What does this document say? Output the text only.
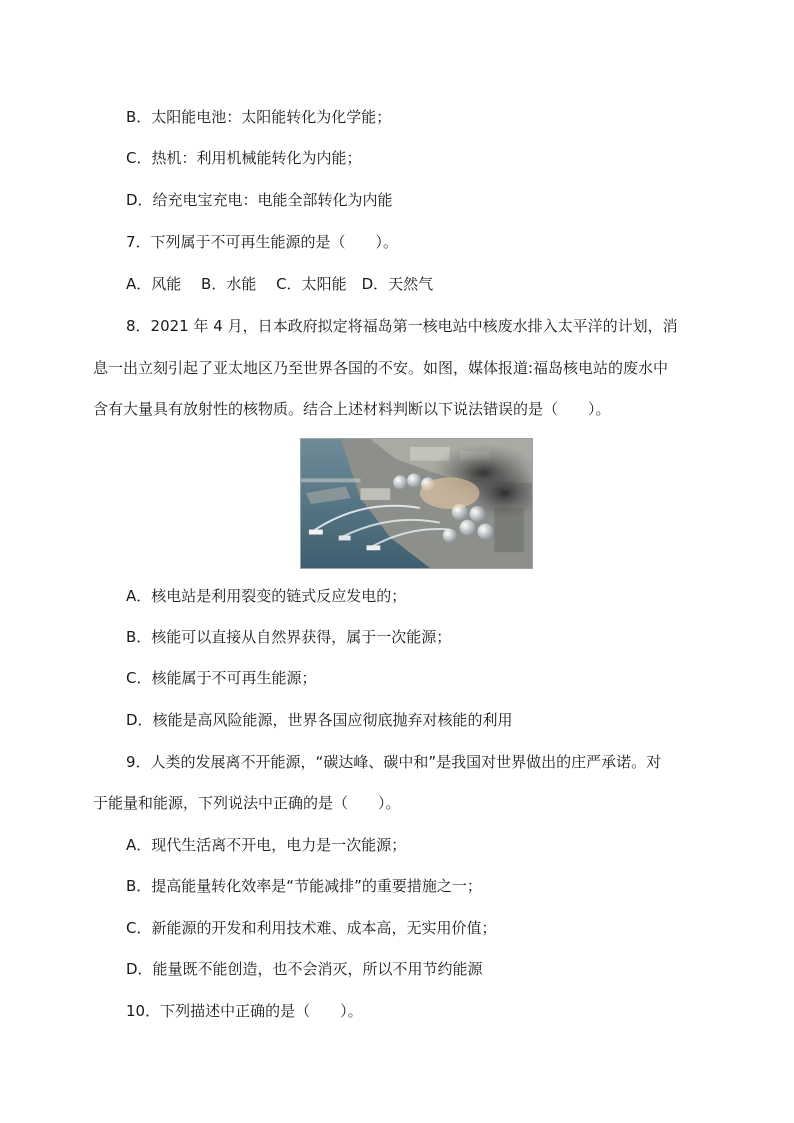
B．太阳能电池：太阳能转化为化学能；
C．热机：利用机械能转化为内能；
D．给充电宝充电：电能全部转化为内能
7．下列属于不可再生能源的是（　　）。
A．风能　 B．水能　 C．太阳能　D．天然气
8．2021 年 4 月，日本政府拟定将福岛第一核电站中核废水排入太平洋的计划，消
息一出立刻引起了亚太地区乃至世界各国的不安。如图，媒体报道:福岛核电站的废水中
含有大量具有放射性的核物质。结合上述材料判断以下说法错误的是（　　）。
A．核电站是利用裂变的链式反应发电的；
B．核能可以直接从自然界获得，属于一次能源；
C．核能属于不可再生能源；
D．核能是高风险能源，世界各国应彻底抛弃对核能的利用
9．人类的发展离不开能源，“碳达峰、碳中和”是我国对世界做出的庄严承诺。对
于能量和能源，下列说法中正确的是（　　）。
A．现代生活离不开电，电力是一次能源；
B．提高能量转化效率是“节能减排”的重要措施之一；
C．新能源的开发和利用技术难、成本高，无实用价值；
D．能量既不能创造，也不会消灭，所以不用节约能源
10．下列描述中正确的是（　　）。
